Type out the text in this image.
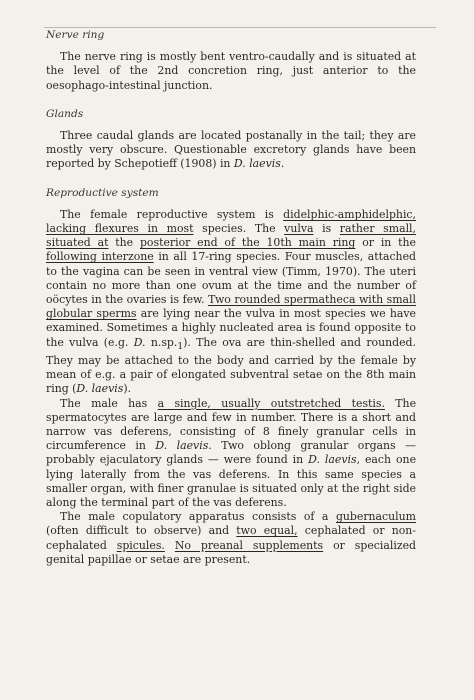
Nerve ring

The nerve ring is mostly bent ventro-caudally and is situated at the level of the 2nd concretion ring, just anterior to the oesophago-intestinal junction.

Glands

Three caudal glands are located postanally in the tail; they are mostly very obscure. Questionable excretory glands have been reported by Schepotieff (1908) in D. laevis.

Reproductive system

The female reproductive system is didelphic-amphidelphic, lacking flexures in most species. The vulva is rather small, situated at the posterior end of the 10th main ring or in the following interzone in all 17-ring species. Four muscles, attached to the vagina can be seen in ventral view (Timm, 1970). The uteri contain no more than one ovum at the time and the number of oöcytes in the ovaries is few. Two rounded spermatheca with small globular sperms are lying near the vulva in most species we have examined. Sometimes a highly nucleated area is found opposite to the vulva (e.g. D. $n.sp._1$). The ova are thin-shelled and rounded. They may be attached to the body and carried by the female by mean of e.g. a pair of elongated subventral setae on the 8th main ring (D. laevis).

The male has a single, usually outstretched testis. The spermatocytes are large and few in number. There is a short and narrow vas deferens, consisting of 8 finely granular cells in circumference in D. laevis. Two oblong granular organs — probably ejaculatory glands — were found in D. laevis, each one lying laterally from the vas deferens. In this same species a smaller organ, with finer granulae is situated only at the right side along the terminal part of the vas deferens.

The male copulatory apparatus consists of a gubernaculum (often difficult to observe) and two equal, cephalated or non-cephalated spicules. No preanal supplements or specialized genital papillae or setae are present.
